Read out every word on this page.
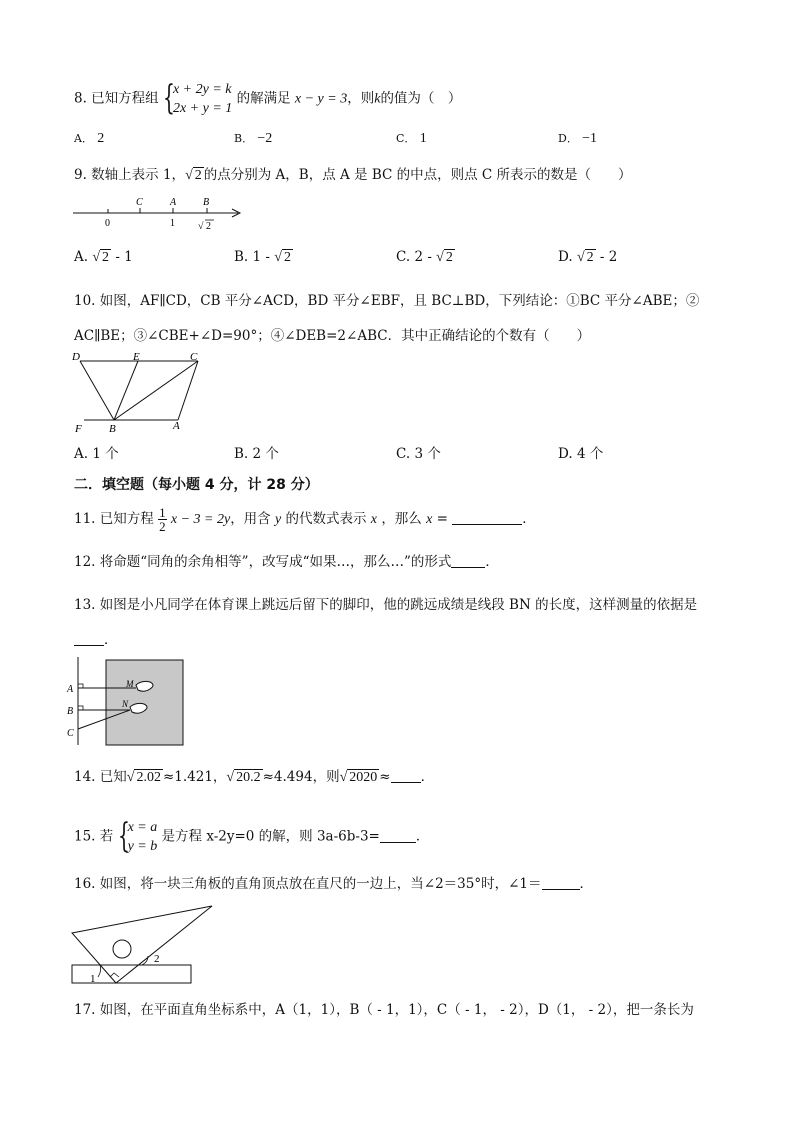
8. 已知方程组 {
x + 2y = k
2x + y = 1
的解满足 x − y = 3，则k的值为（　）
A． 2	B． −2	C． 1	D． −1
9. 数轴上表示 1，√ 2 的点分别为 A，B，点 A 是 BC 的中点，则点 C 所表示的数是（　　）
C	A	B
0	1 √ 2
A. √ 2 - 1	B. 1 - √ 2	C. 2 - √ 2	D. √ 2 - 2
10. 如图，AF∥CD，CB 平分∠ACD，BD 平分∠EBF，且 BC⊥BD，下列结论：①BC 平分∠ABE；②
AC∥BE；③∠CBE+∠D=90°；④∠DEB=2∠ABC．其中正确结论的个数有（　　）
D	E	C
F B	A
A. 1 个	B. 2 个	C. 3 个	D. 4 个
二．填空题（每小题 4 分，计 28 分）
11. 已知方程 $\frac{1}{2}$ x − 3 = 2y，用含 y 的代数式表示 x ，那么 x =	．
12. 将命题“同角的余角相等”，改写成“如果…，那么…”的形式	．
13. 如图是小凡同学在体育课上跳远后留下的脚印，他的跳远成绩是线段 BN 的长度，这样测量的依据是
．
A
B
C
M
N
14. 已知√ 2.02 ≈1.421，√ 20.2 ≈4.494，则√ 2020 ≈ ．
15. 若 {
x = a
y = b
是方程 x-2y=0 的解，则 3a-6b-3=	．
16. 如图，将一块三角板的直角顶点放在直尺的一边上，当∠2＝35°时，∠1＝	．
2
1
17. 如图，在平面直角坐标系中，A（1，1），B（ - 1，1），C（ - 1， - 2），D（1， - 2），把一条长为
